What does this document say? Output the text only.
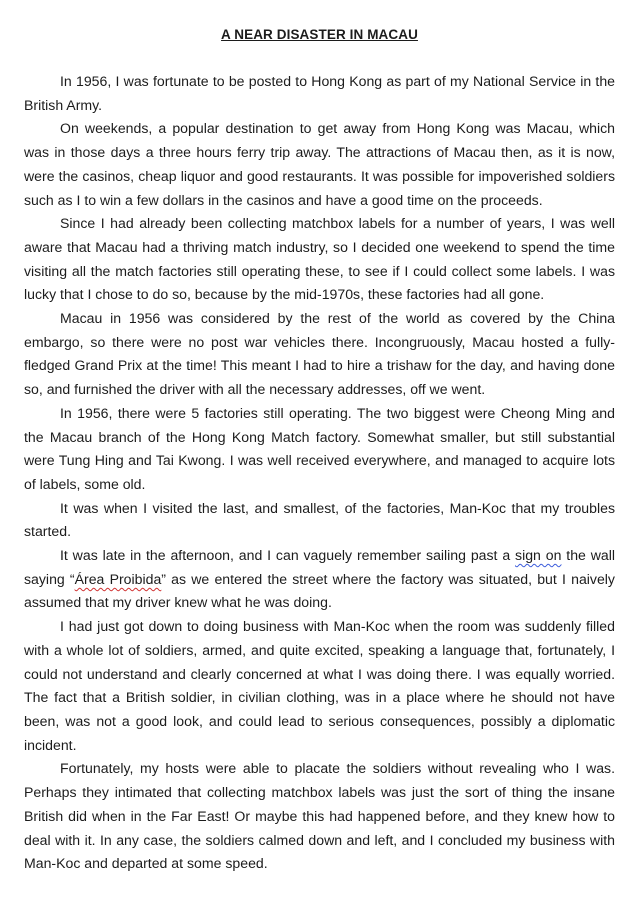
A NEAR DISASTER IN MACAU

In 1956, I was fortunate to be posted to Hong Kong as part of my National Service in the British Army.

On weekends, a popular destination to get away from Hong Kong was Macau, which was in those days a three hours ferry trip away. The attractions of Macau then, as it is now, were the casinos, cheap liquor and good restaurants. It was possible for impoverished soldiers such as I to win a few dollars in the casinos and have a good time on the proceeds.

Since I had already been collecting matchbox labels for a number of years, I was well aware that Macau had a thriving match industry, so I decided one weekend to spend the time visiting all the match factories still operating these, to see if I could collect some labels. I was lucky that I chose to do so, because by the mid-1970s, these factories had all gone.

Macau in 1956 was considered by the rest of the world as covered by the China embargo, so there were no post war vehicles there. Incongruously, Macau hosted a fully-fledged Grand Prix at the time! This meant I had to hire a trishaw for the day, and having done so, and furnished the driver with all the necessary addresses, off we went.

In 1956, there were 5 factories still operating. The two biggest were Cheong Ming and the Macau branch of the Hong Kong Match factory. Somewhat smaller, but still substantial were Tung Hing and Tai Kwong. I was well received everywhere, and managed to acquire lots of labels, some old.

It was when I visited the last, and smallest, of the factories, Man-Koc that my troubles started.

It was late in the afternoon, and I can vaguely remember sailing past a sign on the wall saying “Área Proibida” as we entered the street where the factory was situated, but I naively assumed that my driver knew what he was doing.

I had just got down to doing business with Man-Koc when the room was suddenly filled with a whole lot of soldiers, armed, and quite excited, speaking a language that, fortunately, I could not understand and clearly concerned at what I was doing there. I was equally worried. The fact that a British soldier, in civilian clothing, was in a place where he should not have been, was not a good look, and could lead to serious consequences, possibly a diplomatic incident.

Fortunately, my hosts were able to placate the soldiers without revealing who I was. Perhaps they intimated that collecting matchbox labels was just the sort of thing the insane British did when in the Far East! Or maybe this had happened before, and they knew how to deal with it. In any case, the soldiers calmed down and left, and I concluded my business with Man-Koc and departed at some speed.
